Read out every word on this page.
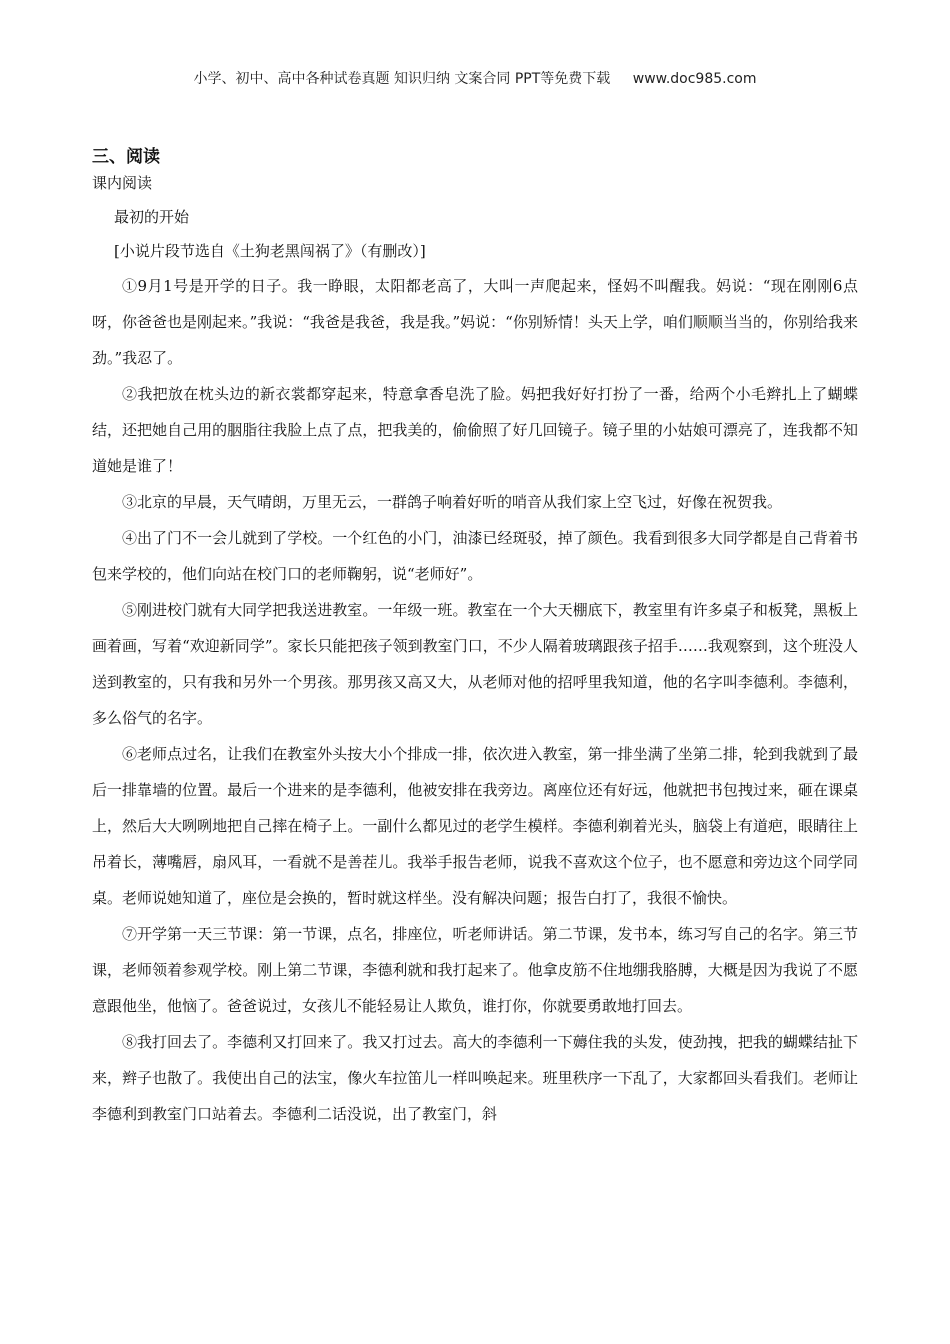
小学、初中、高中各种试卷真题 知识归纳 文案合同 PPT等免费下载 www.doc985.com
三、阅读
课内阅读
最初的开始
[小说片段节选自《土狗老黑闯祸了》（有删改）]

①9月1号是开学的日子。我一睁眼，太阳都老高了，大叫一声爬起来，怪妈不叫醒我。妈说：“现在刚刚6点呀，你爸爸也是刚起来。”我说：“我爸是我爸，我是我。”妈说：“你别矫情！头天上学，咱们顺顺当当的，你别给我来劲。”我忍了。

②我把放在枕头边的新衣裳都穿起来，特意拿香皂洗了脸。妈把我好好打扮了一番，给两个小毛辫扎上了蝴蝶结，还把她自己用的胭脂往我脸上点了点，把我美的，偷偷照了好几回镜子。镜子里的小姑娘可漂亮了，连我都不知道她是谁了！

③北京的早晨，天气晴朗，万里无云，一群鸽子响着好听的哨音从我们家上空飞过，好像在祝贺我。

④出了门不一会儿就到了学校。一个红色的小门，油漆已经斑驳，掉了颜色。我看到很多大同学都是自己背着书包来学校的，他们向站在校门口的老师鞠躬，说“老师好”。

⑤刚进校门就有大同学把我送进教室。一年级一班。教室在一个大天棚底下，教室里有许多桌子和板凳，黑板上画着画，写着“欢迎新同学”。家长只能把孩子领到教室门口，不少人隔着玻璃跟孩子招手……我观察到，这个班没人送到教室的，只有我和另外一个男孩。那男孩又高又大，从老师对他的招呼里我知道，他的名字叫李德利。李德利，多么俗气的名字。

⑥老师点过名，让我们在教室外头按大小个排成一排，依次进入教室，第一排坐满了坐第二排，轮到我就到了最后一排靠墙的位置。最后一个进来的是李德利，他被安排在我旁边。离座位还有好远，他就把书包拽过来，砸在课桌上，然后大大咧咧地把自己摔在椅子上。一副什么都见过的老学生模样。李德利剃着光头，脑袋上有道疤，眼睛往上吊着长，薄嘴唇，扇风耳，一看就不是善茬儿。我举手报告老师，说我不喜欢这个位子，也不愿意和旁边这个同学同桌。老师说她知道了，座位是会换的，暂时就这样坐。没有解决问题；报告白打了，我很不愉快。

⑦开学第一天三节课：第一节课，点名，排座位，听老师讲话。第二节课，发书本，练习写自己的名字。第三节课，老师领着参观学校。刚上第二节课，李德利就和我打起来了。他拿皮筋不住地绷我胳膊，大概是因为我说了不愿意跟他坐，他恼了。爸爸说过，女孩儿不能轻易让人欺负，谁打你，你就要勇敢地打回去。

⑧我打回去了。李德利又打回来了。我又打过去。高大的李德利一下薅住我的头发，使劲拽，把我的蝴蝶结扯下来，辫子也散了。我使出自己的法宝，像火车拉笛儿一样叫唤起来。班里秩序一下乱了，大家都回头看我们。老师让李德利到教室门口站着去。李德利二话没说，出了教室门，斜
